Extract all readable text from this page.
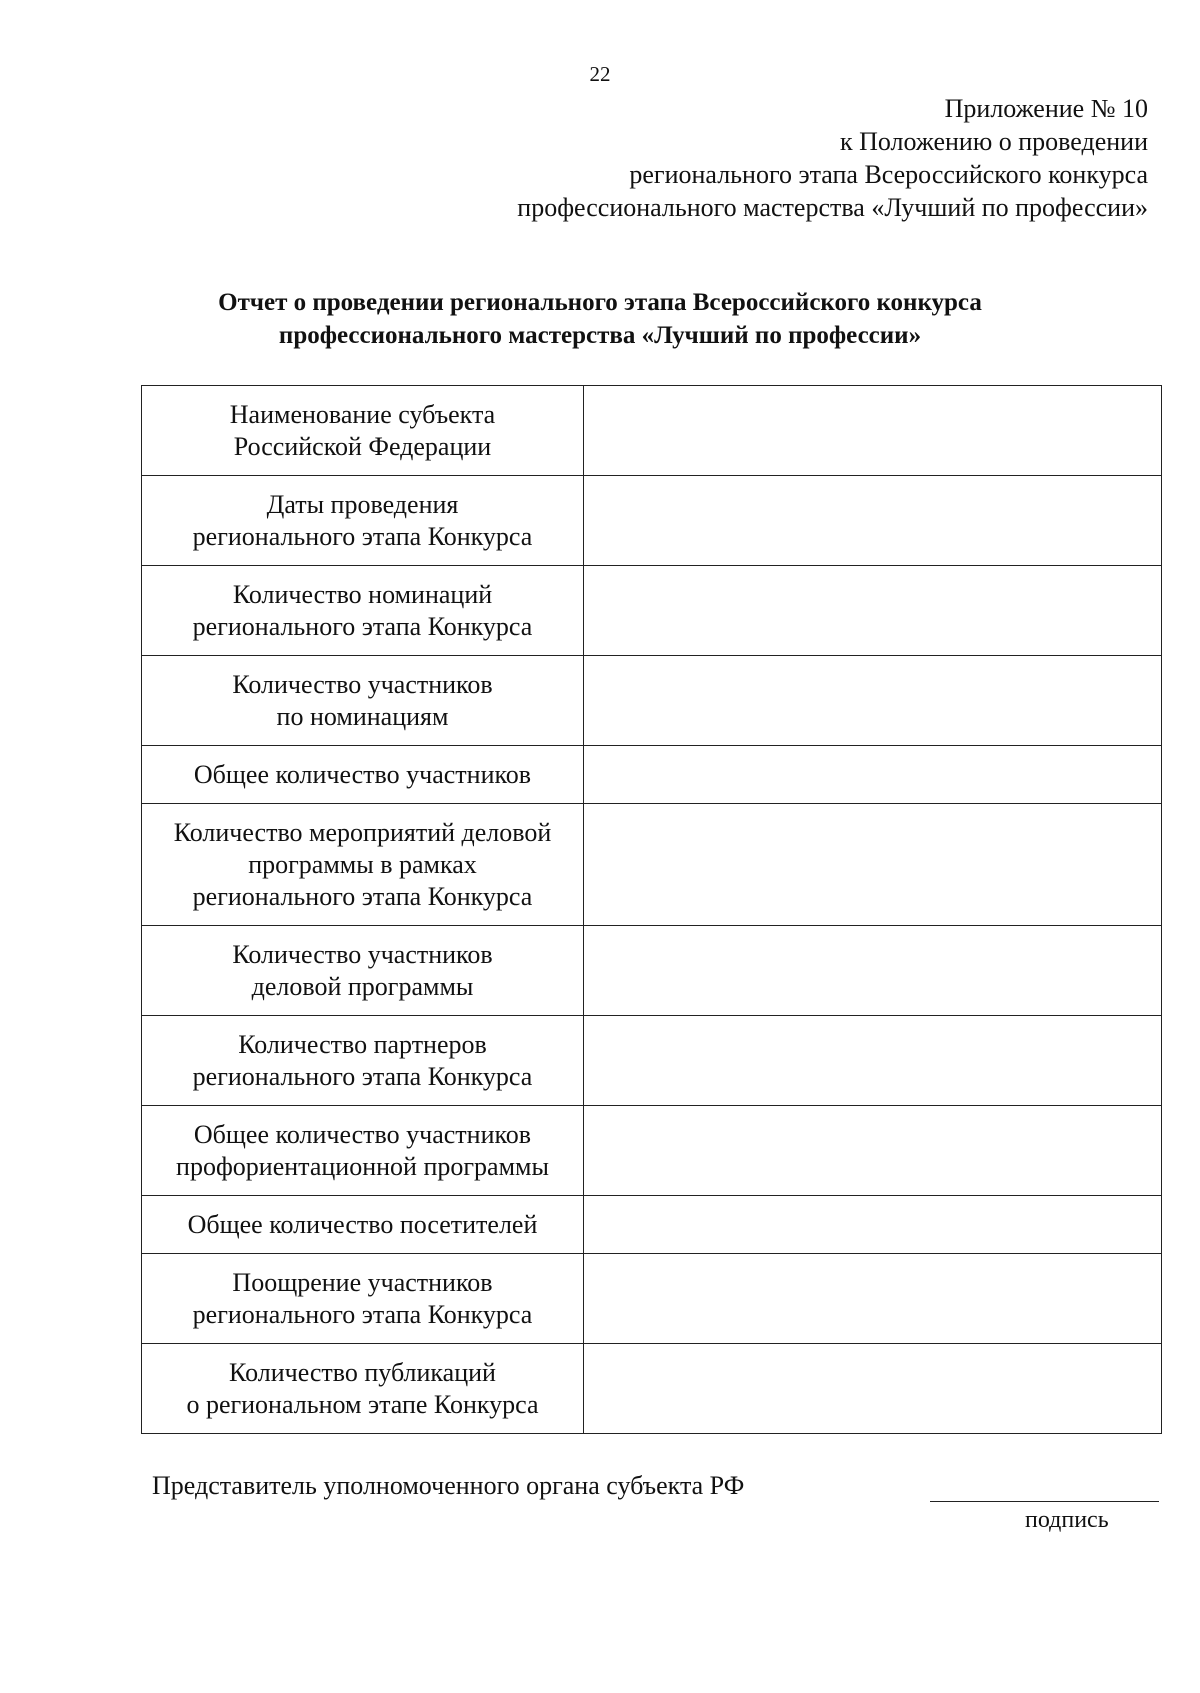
22
Приложение № 10
к Положению о проведении
регионального этапа Всероссийского конкурса
профессионального мастерства «Лучший по профессии»
Отчет о проведении регионального этапа Всероссийского конкурса
профессионального мастерства «Лучший по профессии»
Наименование субъекта
Российской Федерации	

Даты проведения
регионального этапа Конкурса	

Количество номинаций
регионального этапа Конкурса	

Количество участников
по номинациям	

Общее количество участников	

Количество мероприятий деловой
программы в рамках
регионального этапа Конкурса	

Количество участников
деловой программы	

Количество партнеров
регионального этапа Конкурса	

Общее количество участников
профориентационной программы	

Общее количество посетителей	

Поощрение участников
регионального этапа Конкурса	

Количество публикаций
о региональном этапе Конкурса	

Представитель уполномоченного органа субъекта РФ
подпись
